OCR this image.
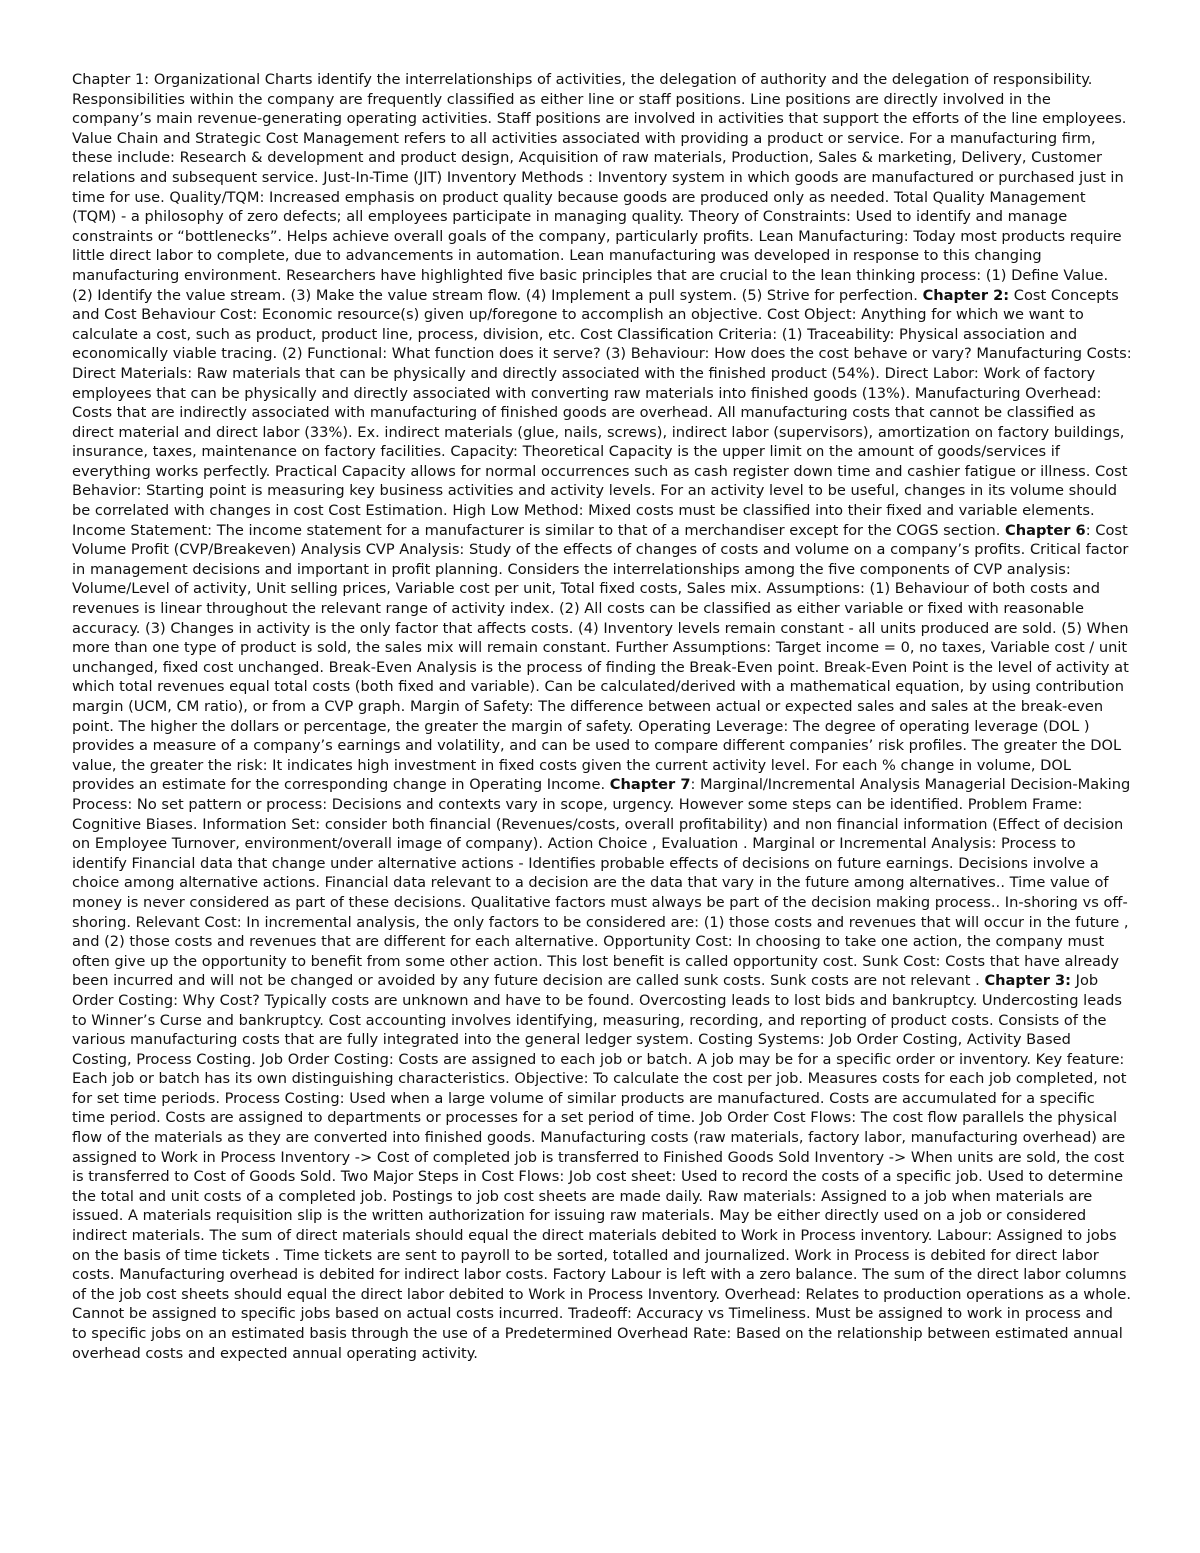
Chapter 1: Organizational Charts identify the interrelationships of activities, the delegation of authority and the delegation of responsibility. Responsibilities within the company are frequently classified as either line or staff positions. Line positions are directly involved in the company’s main revenue-generating operating activities. Staff positions are involved in activities that support the efforts of the line employees. Value Chain and Strategic Cost Management refers to all activities associated with providing a product or service. For a manufacturing firm, these include: Research & development and product design, Acquisition of raw materials, Production, Sales & marketing, Delivery, Customer relations and subsequent service. Just-In-Time (JIT) Inventory Methods : Inventory system in which goods are manufactured or purchased just in time for use. Quality/TQM: Increased emphasis on product quality because goods are produced only as needed. Total Quality Management (TQM) - a philosophy of zero defects; all employees participate in managing quality. Theory of Constraints: Used to identify and manage constraints or “bottlenecks”. Helps achieve overall goals of the company, particularly profits. Lean Manufacturing: Today most products require little direct labor to complete, due to advancements in automation. Lean manufacturing was developed in response to this changing manufacturing environment. Researchers have highlighted five basic principles that are crucial to the lean thinking process: (1) Define Value. (2) Identify the value stream. (3) Make the value stream flow. (4) Implement a pull system. (5) Strive for perfection. Chapter 2: Cost Concepts and Cost Behaviour Cost: Economic resource(s) given up/foregone to accomplish an objective. Cost Object: Anything for which we want to calculate a cost, such as product, product line, process, division, etc. Cost Classification Criteria: (1) Traceability: Physical association and economically viable tracing. (2) Functional: What function does it serve? (3) Behaviour: How does the cost behave or vary? Manufacturing Costs: Direct Materials: Raw materials that can be physically and directly associated with the finished product (54%). Direct Labor: Work of factory employees that can be physically and directly associated with converting raw materials into finished goods (13%). Manufacturing Overhead: Costs that are indirectly associated with manufacturing of finished goods are overhead. All manufacturing costs that cannot be classified as direct material and direct labor (33%). Ex. indirect materials (glue, nails, screws), indirect labor (supervisors), amortization on factory buildings, insurance, taxes, maintenance on factory facilities. Capacity: Theoretical Capacity is the upper limit on the amount of goods/services if everything works perfectly. Practical Capacity allows for normal occurrences such as cash register down time and cashier fatigue or illness. Cost Behavior: Starting point is measuring key business activities and activity levels. For an activity level to be useful, changes in its volume should be correlated with changes in cost Cost Estimation. High Low Method: Mixed costs must be classified into their fixed and variable elements. Income Statement: The income statement for a manufacturer is similar to that of a merchandiser except for the COGS section. Chapter 6: Cost Volume Profit (CVP/Breakeven) Analysis CVP Analysis: Study of the effects of changes of costs and volume on a company’s profits. Critical factor in management decisions and important in profit planning. Considers the interrelationships among the five components of CVP analysis: Volume/Level of activity, Unit selling prices, Variable cost per unit, Total fixed costs, Sales mix. Assumptions: (1) Behaviour of both costs and revenues is linear throughout the relevant range of activity index. (2) All costs can be classified as either variable or fixed with reasonable accuracy. (3) Changes in activity is the only factor that affects costs. (4) Inventory levels remain constant - all units produced are sold. (5) When more than one type of product is sold, the sales mix will remain constant. Further Assumptions: Target income = 0, no taxes, Variable cost / unit unchanged, fixed cost unchanged. Break-Even Analysis is the process of finding the Break-Even point. Break-Even Point is the level of activity at which total revenues equal total costs (both fixed and variable). Can be calculated/derived with a mathematical equation, by using contribution margin (UCM, CM ratio), or from a CVP graph. Margin of Safety: The difference between actual or expected sales and sales at the break-even point. The higher the dollars or percentage, the greater the margin of safety. Operating Leverage: The degree of operating leverage (DOL ) provides a measure of a company’s earnings and volatility, and can be used to compare different companies’ risk profiles. The greater the DOL value, the greater the risk: It indicates high investment in fixed costs given the current activity level. For each % change in volume, DOL provides an estimate for the corresponding change in Operating Income. Chapter 7: Marginal/Incremental Analysis Managerial Decision-Making Process: No set pattern or process: Decisions and contexts vary in scope, urgency. However some steps can be identified. Problem Frame: Cognitive Biases. Information Set: consider both financial (Revenues/costs, overall profitability) and non financial information (Effect of decision on Employee Turnover, environment/overall image of company). Action Choice , Evaluation . Marginal or Incremental Analysis: Process to identify Financial data that change under alternative actions - Identifies probable effects of decisions on future earnings. Decisions involve a choice among alternative actions. Financial data relevant to a decision are the data that vary in the future among alternatives.. Time value of money is never considered as part of these decisions. Qualitative factors must always be part of the decision making process.. In-shoring vs off-shoring. Relevant Cost: In incremental analysis, the only factors to be considered are: (1) those costs and revenues that will occur in the future , and (2) those costs and revenues that are different for each alternative. Opportunity Cost: In choosing to take one action, the company must often give up the opportunity to benefit from some other action. This lost benefit is called opportunity cost. Sunk Cost: Costs that have already been incurred and will not be changed or avoided by any future decision are called sunk costs. Sunk costs are not relevant . Chapter 3: Job Order Costing: Why Cost? Typically costs are unknown and have to be found. Overcosting leads to lost bids and bankruptcy. Undercosting leads to Winner’s Curse and bankruptcy. Cost accounting involves identifying, measuring, recording, and reporting of product costs. Consists of the various manufacturing costs that are fully integrated into the general ledger system. Costing Systems: Job Order Costing, Activity Based Costing, Process Costing. Job Order Costing: Costs are assigned to each job or batch. A job may be for a specific order or inventory. Key feature: Each job or batch has its own distinguishing characteristics. Objective: To calculate the cost per job. Measures costs for each job completed, not for set time periods. Process Costing: Used when a large volume of similar products are manufactured. Costs are accumulated for a specific time period. Costs are assigned to departments or processes for a set period of time. Job Order Cost Flows: The cost flow parallels the physical flow of the materials as they are converted into finished goods. Manufacturing costs (raw materials, factory labor, manufacturing overhead) are assigned to Work in Process Inventory -> Cost of completed job is transferred to Finished Goods Sold Inventory -> When units are sold, the cost is transferred to Cost of Goods Sold. Two Major Steps in Cost Flows: Job cost sheet: Used to record the costs of a specific job. Used to determine the total and unit costs of a completed job. Postings to job cost sheets are made daily. Raw materials: Assigned to a job when materials are issued. A materials requisition slip is the written authorization for issuing raw materials. May be either directly used on a job or considered indirect materials. The sum of direct materials should equal the direct materials debited to Work in Process inventory. Labour: Assigned to jobs on the basis of time tickets . Time tickets are sent to payroll to be sorted, totalled and journalized. Work in Process is debited for direct labor costs. Manufacturing overhead is debited for indirect labor costs. Factory Labour is left with a zero balance. The sum of the direct labor columns of the job cost sheets should equal the direct labor debited to Work in Process Inventory. Overhead: Relates to production operations as a whole. Cannot be assigned to specific jobs based on actual costs incurred. Tradeoff: Accuracy vs Timeliness. Must be assigned to work in process and to specific jobs on an estimated basis through the use of a Predetermined Overhead Rate: Based on the relationship between estimated annual overhead costs and expected annual operating activity.
